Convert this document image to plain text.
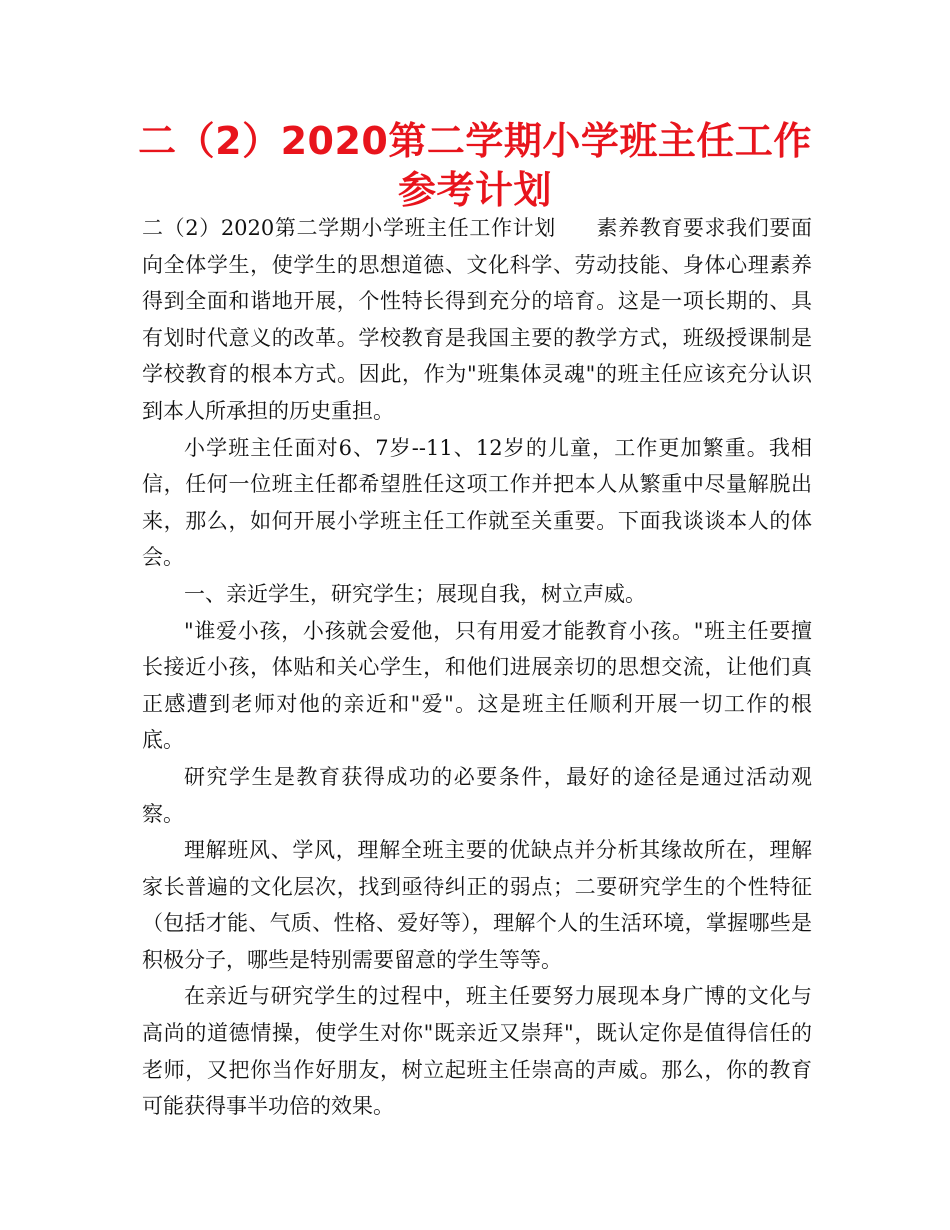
二（2）2020第二学期小学班主任工作参考计划

二（2）2020第二学期小学班主任工作计划 素养教育要求我们要面向全体学生，使学生的思想道德、文化科学、劳动技能、身体心理素养得到全面和谐地开展，个性特长得到充分的培育。这是一项长期的、具有划时代意义的改革。学校教育是我国主要的教学方式，班级授课制是学校教育的根本方式。因此，作为"班集体灵魂"的班主任应该充分认识到本人所承担的历史重担。

小学班主任面对6、7岁--11、12岁的儿童，工作更加繁重。我相信，任何一位班主任都希望胜任这项工作并把本人从繁重中尽量解脱出来，那么，如何开展小学班主任工作就至关重要。下面我谈谈本人的体会。

一、亲近学生，研究学生；展现自我，树立声威。

"谁爱小孩，小孩就会爱他，只有用爱才能教育小孩。"班主任要擅长接近小孩，体贴和关心学生，和他们进展亲切的思想交流，让他们真正感遭到老师对他的亲近和"爱"。这是班主任顺利开展一切工作的根底。

研究学生是教育获得成功的必要条件，最好的途径是通过活动观察。

理解班风、学风，理解全班主要的优缺点并分析其缘故所在，理解家长普遍的文化层次，找到亟待纠正的弱点；二要研究学生的个性特征（包括才能、气质、性格、爱好等），理解个人的生活环境，掌握哪些是积极分子，哪些是特别需要留意的学生等等。

在亲近与研究学生的过程中，班主任要努力展现本身广博的文化与高尚的道德情操，使学生对你"既亲近又崇拜"，既认定你是值得信任的老师，又把你当作好朋友，树立起班主任崇高的声威。那么，你的教育可能获得事半功倍的效果。
